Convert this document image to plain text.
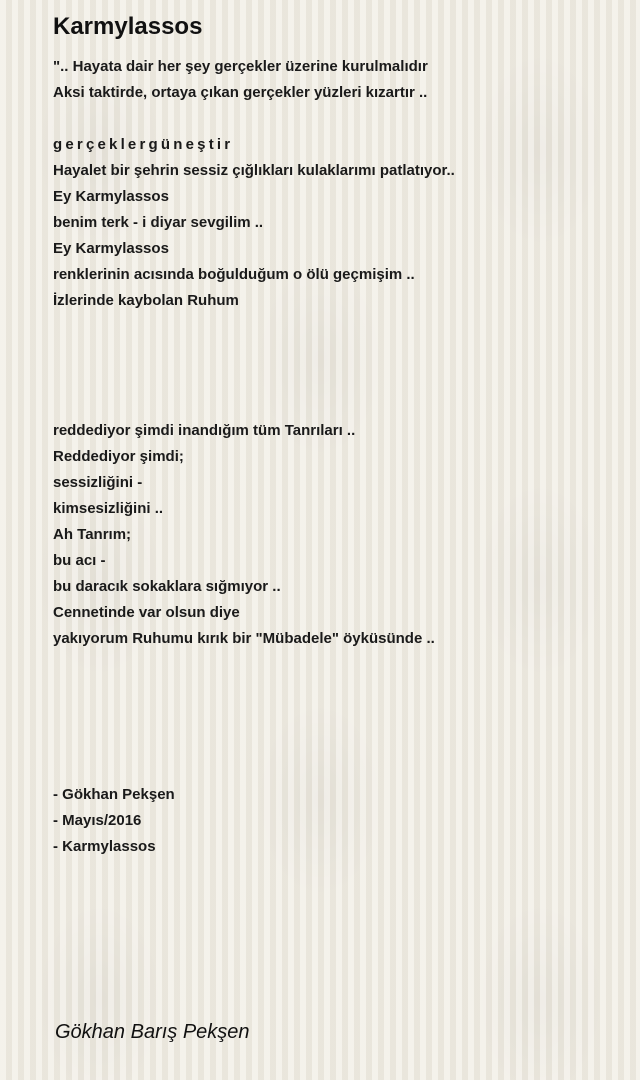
Karmylassos
".. Hayata dair her şey gerçekler üzerine kurulmalıdır
Aksi taktirde, ortaya çıkan gerçekler yüzleri kızartır ..
gerçeklergüneştir
Hayalet bir şehrin sessiz çığlıkları kulaklarımı patlatıyor..
Ey Karmylassos
benim terk - i diyar sevgilim ..
Ey Karmylassos
renklerinin acısında boğulduğum o ölü geçmişim ..
İzlerinde kaybolan Ruhum
reddediyor şimdi inandığım tüm Tanrıları ..
Reddediyor şimdi;
sessizliğini -
kimsesizliğini ..
Ah Tanrım;
bu acı -
bu daracık sokaklara sığmıyor ..
Cennetinde var olsun diye
yakıyorum Ruhumu kırık bir "Mübadele" öyküsünde ..
- Gökhan Pekşen
- Mayıs/2016
- Karmylassos
Gökhan Barış Pekşen
